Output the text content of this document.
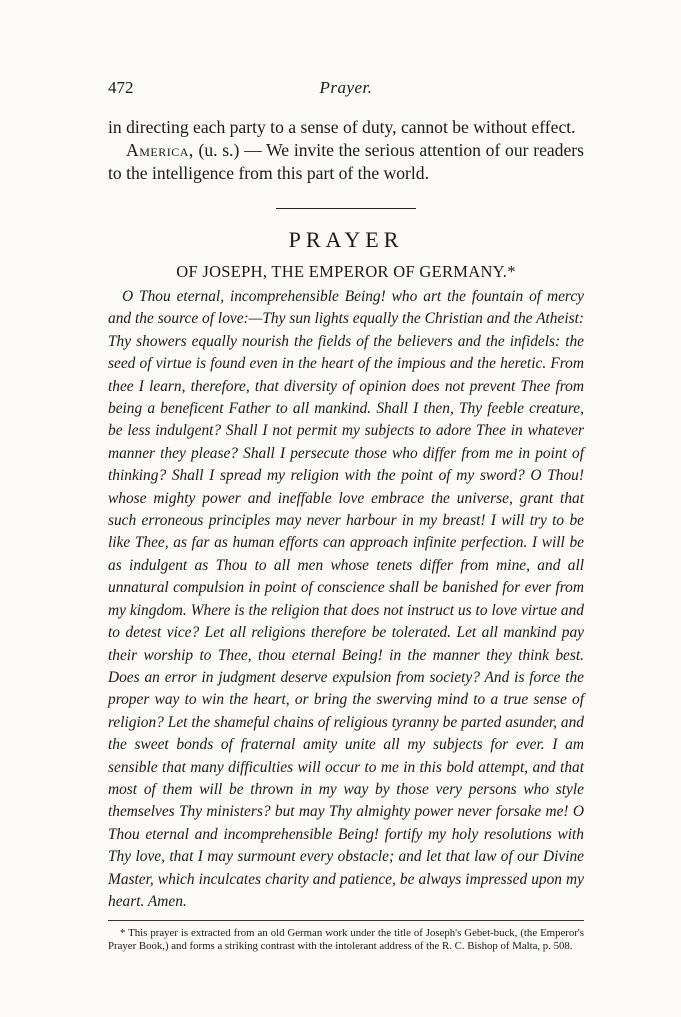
472	Prayer.

in directing each party to a sense of duty, cannot be without effect.

America, (u. s.) — We invite the serious attention of our readers to the intelligence from this part of the world.

PRAYER
OF JOSEPH, THE EMPEROR OF GERMANY.*

O Thou eternal, incomprehensible Being! who art the fountain of mercy and the source of love:—Thy sun lights equally the Christian and the Atheist: Thy showers equally nourish the fields of the believers and the infidels: the seed of virtue is found even in the heart of the impious and the heretic. From thee I learn, therefore, that diversity of opinion does not prevent Thee from being a beneficent Father to all mankind. Shall I then, Thy feeble creature, be less indulgent? Shall I not permit my subjects to adore Thee in whatever manner they please? Shall I persecute those who differ from me in point of thinking? Shall I spread my religion with the point of my sword? O Thou! whose mighty power and ineffable love embrace the universe, grant that such erroneous principles may never harbour in my breast! I will try to be like Thee, as far as human efforts can approach infinite perfection. I will be as indulgent as Thou to all men whose tenets differ from mine, and all unnatural compulsion in point of conscience shall be banished for ever from my kingdom. Where is the religion that does not instruct us to love virtue and to detest vice? Let all religions therefore be tolerated. Let all mankind pay their worship to Thee, thou eternal Being! in the manner they think best. Does an error in judgment deserve expulsion from society? And is force the proper way to win the heart, or bring the swerving mind to a true sense of religion? Let the shameful chains of religious tyranny be parted asunder, and the sweet bonds of fraternal amity unite all my subjects for ever. I am sensible that many difficulties will occur to me in this bold attempt, and that most of them will be thrown in my way by those very persons who style themselves Thy ministers? but may Thy almighty power never forsake me! O Thou eternal and incomprehensible Being! fortify my holy resolutions with Thy love, that I may surmount every obstacle; and let that law of our Divine Master, which inculcates charity and patience, be always impressed upon my heart. Amen.

* This prayer is extracted from an old German work under the title of Joseph's Gebet-buck, (the Emperor's Prayer Book,) and forms a striking contrast with the intolerant address of the R. C. Bishop of Malta, p. 508.
